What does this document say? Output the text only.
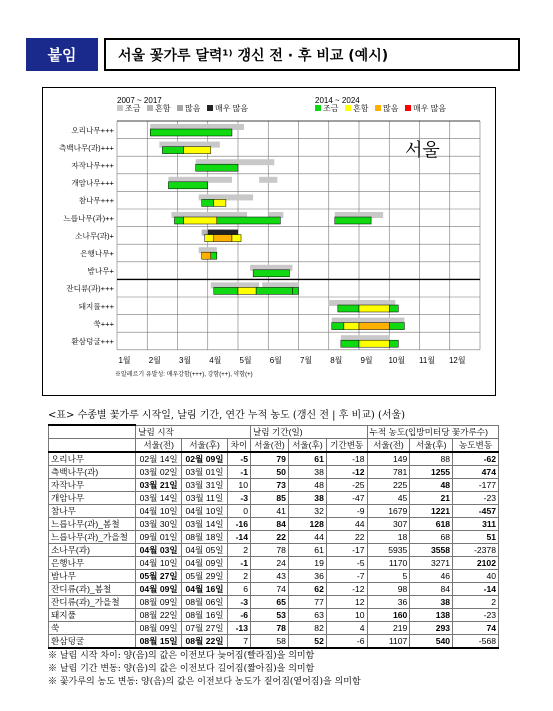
붙임	서울 꽃가루 달력¹⁾ 갱신 전 · 후 비교 (예시)
2007 ~ 2017	2014 ~ 2024
조금 흔함 많음 매우 많음	조금 흔함 많음 매우 많음
오리나무+++
측백나무(과)+++
자작나무+++
개암나무+++
참나무+++
느릅나무(과)++
소나무(과)+
은행나무+
밤나무+
잔디류(과)+++
돼지풀+++
쑥+++
환삼덩굴+++
서울
1월 2월 3월 4월 5월 6월 7월 8월 9월 10월 11월 12월
※알레르기 유발성: 매우강함(+++), 강함(++), 약함(+)
<표> 수종별 꽃가루 시작일, 날림 기간, 연간 누적 농도 (갱신 전 | 후 비교) (서울)
	날림 시작			날림 기간(일)			누적 농도(입방미터당 꽃가루수)		
	서울(전)	서울(후)	차이	서울(전)	서울(후)	기간변동	서울(전)	서울(후)	농도변동
오리나무	02월 14일	02월 09일	-5	79	61	-18	149	88	-62
측백나무(과)	03월 02일	03월 01일	-1	50	38	-12	781	1255	474
자작나무	03월 21일	03월 31일	10	73	48	-25	225	48	-177
개암나무	03월 14일	03월 11일	-3	85	38	-47	45	21	-23
참나무	04월 10일	04월 10일	0	41	32	-9	1679	1221	-457
느릅나무(과)_봄철	03월 30일	03월 14일	-16	84	128	44	307	618	311
느릅나무(과)_가을철	09월 01일	08월 18일	-14	22	44	22	18	68	51
소나무(과)	04월 03일	04월 05일	2	78	61	-17	5935	3558	-2378
은행나무	04월 10일	04월 09일	-1	24	19	-5	1170	3271	2102
밤나무	05월 27일	05월 29일	2	43	36	-7	5	46	40
잔디류(과)_봄철	04월 09일	04월 16일	6	74	62	-12	98	84	-14
잔디류(과)_가을철	08월 09일	08월 06일	-3	65	77	12	36	38	2
돼지풀	08월 22일	08월 16일	-6	53	63	10	160	138	-23
쑥	08월 09일	07월 27일	-13	78	82	4	219	293	74
환삼덩굴	08월 15일	08월 22일	7	58	52	-6	1107	540	-568
※ 날림 시작 차이: 양(음)의 값은 이전보다 늦어짐(빨라짐)을 의미함
※ 날림 기간 변동: 양(음)의 값은 이전보다 길어짐(짧아짐)을 의미함
※ 꽃가루의 농도 변동: 양(음)의 값은 이전보다 농도가 짙어짐(옅어짐)을 의미함
